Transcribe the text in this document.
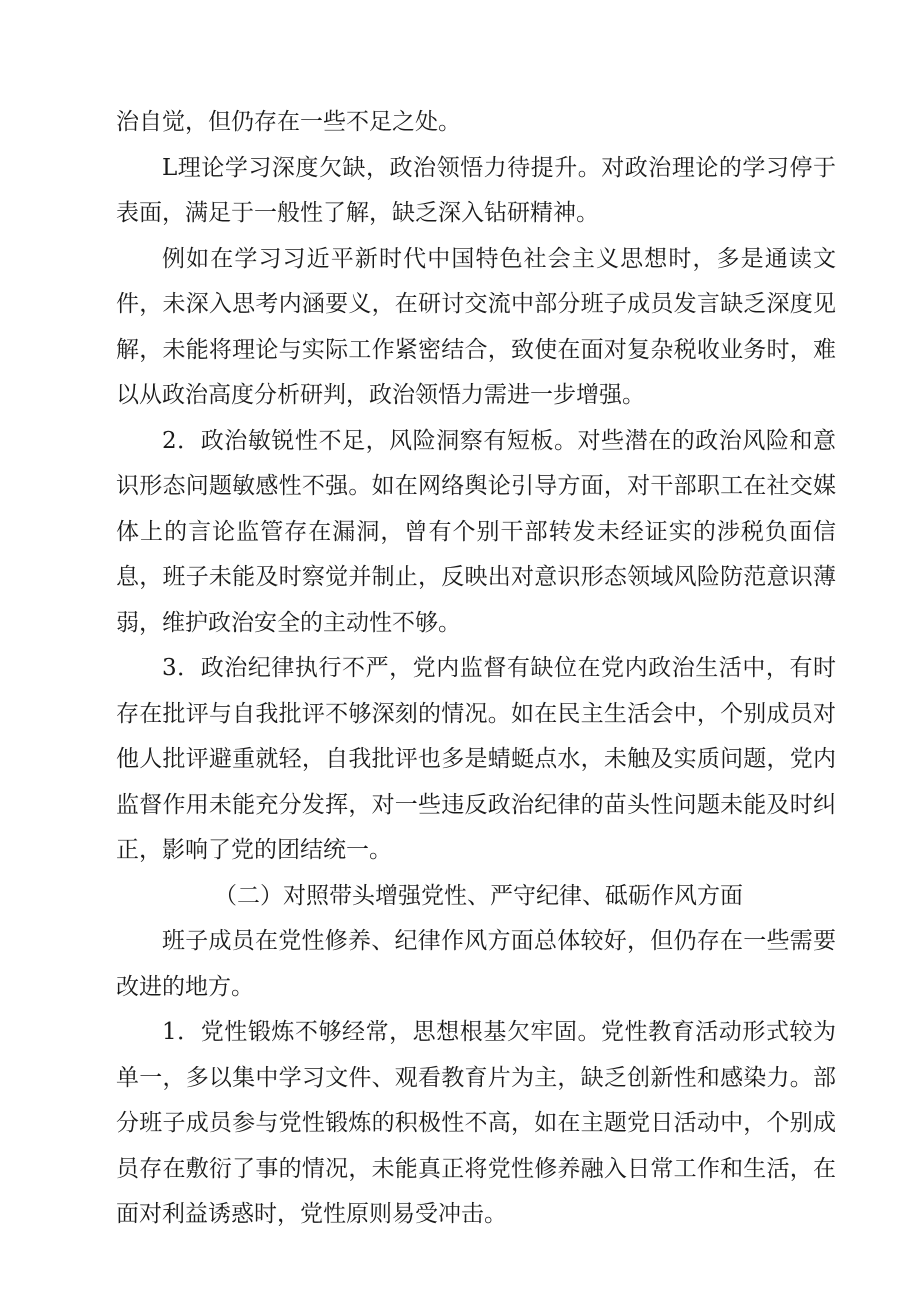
治自觉，但仍存在一些不足之处。

L理论学习深度欠缺，政治领悟力待提升。对政治理论的学习停于表面，满足于一般性了解，缺乏深入钻研精神。

例如在学习习近平新时代中国特色社会主义思想时，多是通读文件，未深入思考内涵要义，在研讨交流中部分班子成员发言缺乏深度见解，未能将理论与实际工作紧密结合，致使在面对复杂税收业务时，难以从政治高度分析研判，政治领悟力需进一步增强。

2．政治敏锐性不足，风险洞察有短板。对些潜在的政治风险和意识形态问题敏感性不强。如在网络舆论引导方面，对干部职工在社交媒体上的言论监管存在漏洞，曾有个别干部转发未经证实的涉税负面信息，班子未能及时察觉并制止，反映出对意识形态领域风险防范意识薄弱，维护政治安全的主动性不够。

3．政治纪律执行不严，党内监督有缺位在党内政治生活中，有时存在批评与自我批评不够深刻的情况。如在民主生活会中，个别成员对他人批评避重就轻，自我批评也多是蜻蜓点水，未触及实质问题，党内监督作用未能充分发挥，对一些违反政治纪律的苗头性问题未能及时纠正，影响了党的团结统一。

（二）对照带头增强党性、严守纪律、砥砺作风方面

班子成员在党性修养、纪律作风方面总体较好，但仍存在一些需要改进的地方。

1．党性锻炼不够经常，思想根基欠牢固。党性教育活动形式较为单一，多以集中学习文件、观看教育片为主，缺乏创新性和感染力。部分班子成员参与党性锻炼的积极性不高，如在主题党日活动中，个别成员存在敷衍了事的情况，未能真正将党性修养融入日常工作和生活，在面对利益诱惑时，党性原则易受冲击。
